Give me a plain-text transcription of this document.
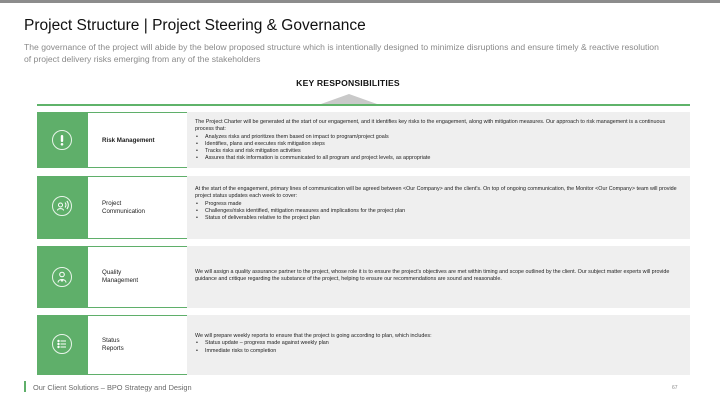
Project Structure | Project Steering & Governance
The governance of the project will abide by the below proposed structure which is intentionally designed to minimize disruptions and ensure timely & reactive resolution of project delivery risks emerging from any of the stakeholders
KEY RESPONSIBILITIES
Risk Management
The Project Charter will be generated at the start of our engagement, and it identifies key risks to the engagement, along with mitigation measures. Our approach to risk management is a continuous process that:
• Analyzes risks and prioritizes them based on impact to program/project goals
• Identifies, plans and executes risk mitigation steps
• Tracks risks and risk mitigation activities
• Assures that risk information is communicated to all program and project levels, as appropriate
Project
Communication
At the start of the engagement, primary lines of communication will be agreed between <Our Company> and the client's. On top of ongoing communication, the Monitor <Our Company> team will provide project status updates each week to cover:
• Progress made
• Challenges/risks identified, mitigation measures and implications for the project plan
• Status of deliverables relative to the project plan
Quality
Management
We will assign a quality assurance partner to the project, whose role it is to ensure the project's objectives are met within timing and scope outlined by the client. Our subject matter experts will provide guidance and critique regarding the substance of the project, helping to ensure our recommendations are sound and reasonable.
Status
Reports
We will prepare weekly reports to ensure that the project is going according to plan, which includes:
• Status update – progress made against weekly plan
• Immediate risks to completion
Our Client Solutions – BPO Strategy and Design	67
